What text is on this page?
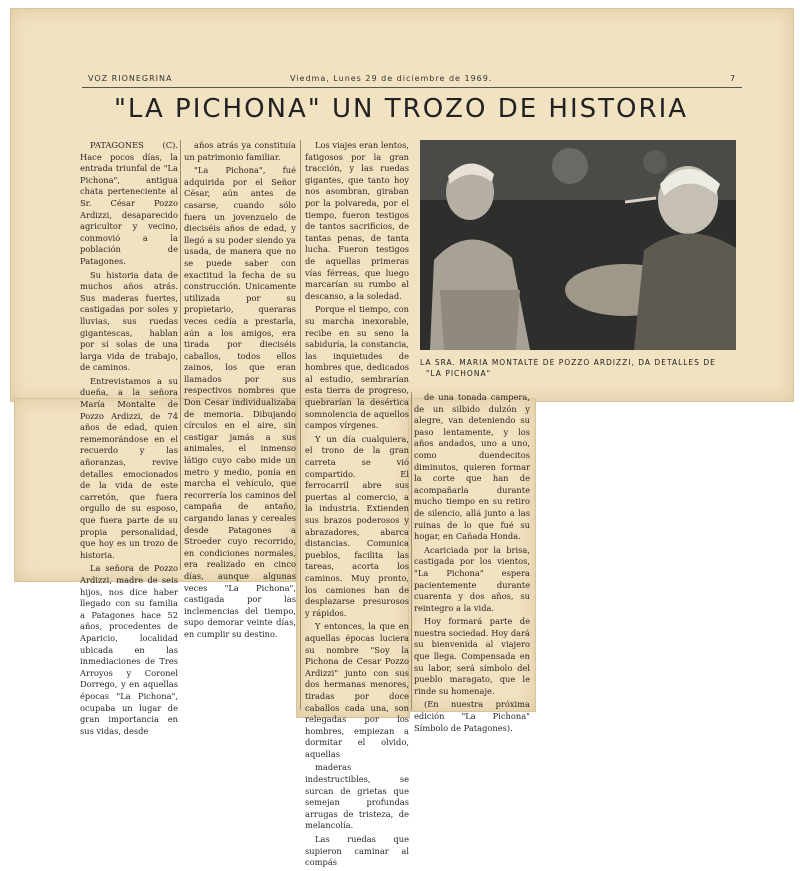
VOZ RIONEGRINA	Viedma, Lunes 29 de diciembre de 1969.	7
"LA PICHONA" UN TROZO DE HISTORIA

PATAGONES (C). Hace pocos días, la entrada triunfal de "La Pichona", antigua chata perteneciente al Sr. César Pozzo Ardizzi, desaparecido agricultor y vecino, conmovió a la población de Patagones.

Su historia data de muchos años atrás. Sus maderas fuertes, castigadas por soles y lluvias, sus ruedas gigantescas, hablan por sí solas de una larga vida de trabajo, de caminos.

Entrevistamos a su dueña, a la señora María Montalte de Pozzo Ardizzi, de 74 años de edad, quien rememorándose en el recuerdo y las añoranzas, revive detalles emocionados de la vida de este carretón, que fuera orgullo de su esposo, que fuera parte de su propia personalidad, que hoy es un trozo de historia.

La señora de Pozzo Ardizzi, madre de seis hijos, nos dice haber llegado con su familia a Patagones hace 52 años, procedentes de Aparicio, localidad ubicada en las inmediaciones de Tres Arroyos y Coronel Dorrego, y en aquellas épocas "La Pichona", ocupaba un lugar de gran importancia en sus vidas, desde

años atrás ya constituía un patrimonio familiar.

"La Pichona", fué adquirida por el Señor César, aún antes de casarse, cuando sólo fuera un jovenzuelo de dieciséis años de edad, y llegó a su poder siendo ya usada, de manera que no se puede saber con exactitud la fecha de su construcción. Unicamente utilizada por su propietario, queraras veces cedía a prestarla, aún a los amigos, era tirada por dieciséis caballos, todos ellos zainos, los que eran llamados por sus respectivos nombres que Don Cesar individualizaba de memoria. Dibujando círculos en el aire, sin castigar jamás a sus animales, el inmenso látigo cuyo cabo mide un metro y medio, ponía en marcha el vehículo, que recorrería los caminos del campaña de antaño, cargando lanas y cereales desde Patagones a Stroeder cuyo recorrido, en condiciones normales, era realizado en cinco días, aunque algunas veces "La Pichona", castigada por las inclemencias del tiempo, supo demorar veinte días, en cumplir su destino.

Los viajes eran lentos, fatigosos por la gran tracción, y las ruedas gigantes, que tanto hoy nos asombran, giraban por la polvareda, por el tiempo, fueron testigos de tantos sacrificios, de tantas penas, de tanta lucha. Fueron testigos de aquellas primeras vías férreas, que luego marcarían su rumbo al descanso, a la soledad.

Porque el tiempo, con su marcha inexorable, recibe en su seno la sabiduría, la constancia, las inquietudes de hombres que, dedicados al estudio, sembrarían esta tierra de progreso, quebrarían la desértica somnolencia de aquellos campos vírgenes.

Y un día cualquiera, el trono de la gran carreta se vió compartido. El ferrocarril abre sus puertas al comercio, a la industria. Extienden sus brazos poderosos y abrazadores, abarca distancias. Comunica pueblos, facilita las tareas, acorta los caminos. Muy pronto, los camiones han de desplazarse presurosos y rápidos.

Y entonces, la que en aquellas épocas luciera su nombre "Soy la Pichona de Cesar Pozzo Ardizzi" junto con sus dos hermanas menores, tiradas por doce caballos cada una, son relegadas por los hombres, empiezan a dormitar el olvido, aquellas

maderas indestructibles, se surcan de grietas que semejan profundas arrugas de tristeza, de melancolía.

Las ruedas que supieron caminar al compás

LA SRA. MARIA MONTALTE DE POZZO ARDIZZI, DA DETALLES DE
"LA PICHONA"

de una tonada campera, de un silbido dulzón y alegre, van deteniendo su paso lentamente, y los años andados, uno a uno, como duendecitos diminutos, quieren formar la corte que han de acompañarla durante mucho tiempo en su retiro de silencio, allá junto a las ruinas de lo que fué su hogar, en Cañada Honda.

Acariciada por la brisa, castigada por los vientos, "La Pichona" espera pacientemente durante cuarenta y dos años, su reintegro a la vida.

Hoy formará parte de nuestra sociedad. Hoy dará su bienvenida al viajero que llega. Compensada en su labor, será símbolo del pueblo maragato, que le rinde su homenaje.

(En nuestra próxima edición "La Pichona" Símbolo de Patagones).
